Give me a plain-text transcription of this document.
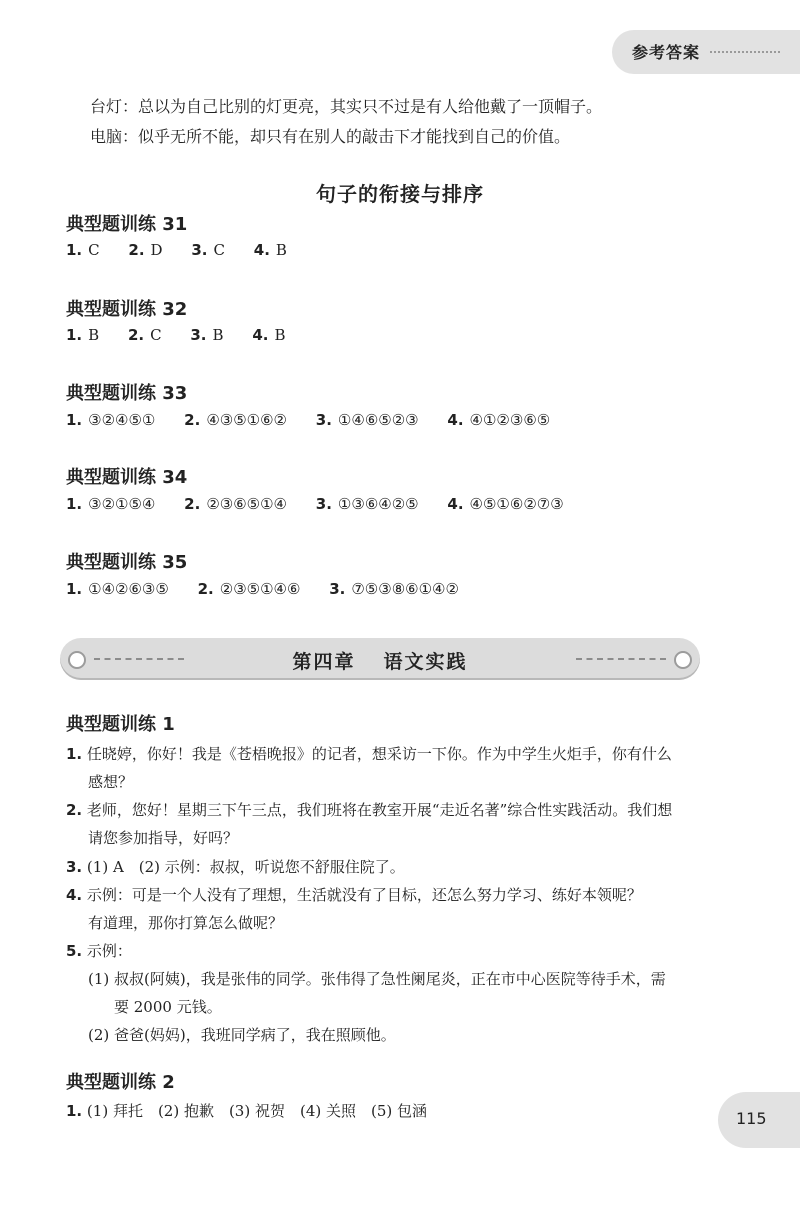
参考答案
台灯：总以为自己比别的灯更亮，其实只不过是有人给他戴了一顶帽子。
电脑：似乎无所不能，却只有在别人的敲击下才能找到自己的价值。
句子的衔接与排序
典型题训练 31
1. C 2. D 3. C 4. B
典型题训练 32
1. B 2. C 3. B 4. B
典型题训练 33
1. ③②④⑤① 2. ④③⑤①⑥② 3. ①④⑥⑤②③ 4. ④①②③⑥⑤
典型题训练 34
1. ③②①⑤④ 2. ②③⑥⑤①④ 3. ①③⑥④②⑤ 4. ④⑤①⑥②⑦③
典型题训练 35
1. ①④②⑥③⑤ 2. ②③⑤①④⑥ 3. ⑦⑤③⑧⑥①④②
第四章 语文实践
典型题训练 1
1. 任晓婷，你好！我是《苍梧晚报》的记者，想采访一下你。作为中学生火炬手，你有什么
感想？
2. 老师，您好！星期三下午三点，我们班将在教室开展“走近名著”综合性实践活动。我们想
请您参加指导，好吗？
3. (1) A　(2) 示例：叔叔，听说您不舒服住院了。
4. 示例：可是一个人没有了理想，生活就没有了目标，还怎么努力学习、练好本领呢？
有道理，那你打算怎么做呢？
5. 示例：
(1) 叔叔(阿姨)，我是张伟的同学。张伟得了急性阑尾炎，正在市中心医院等待手术，需
要 2000 元钱。
(2) 爸爸(妈妈)，我班同学病了，我在照顾他。
典型题训练 2
1. (1) 拜托　(2) 抱歉　(3) 祝贺　(4) 关照　(5) 包涵	115
